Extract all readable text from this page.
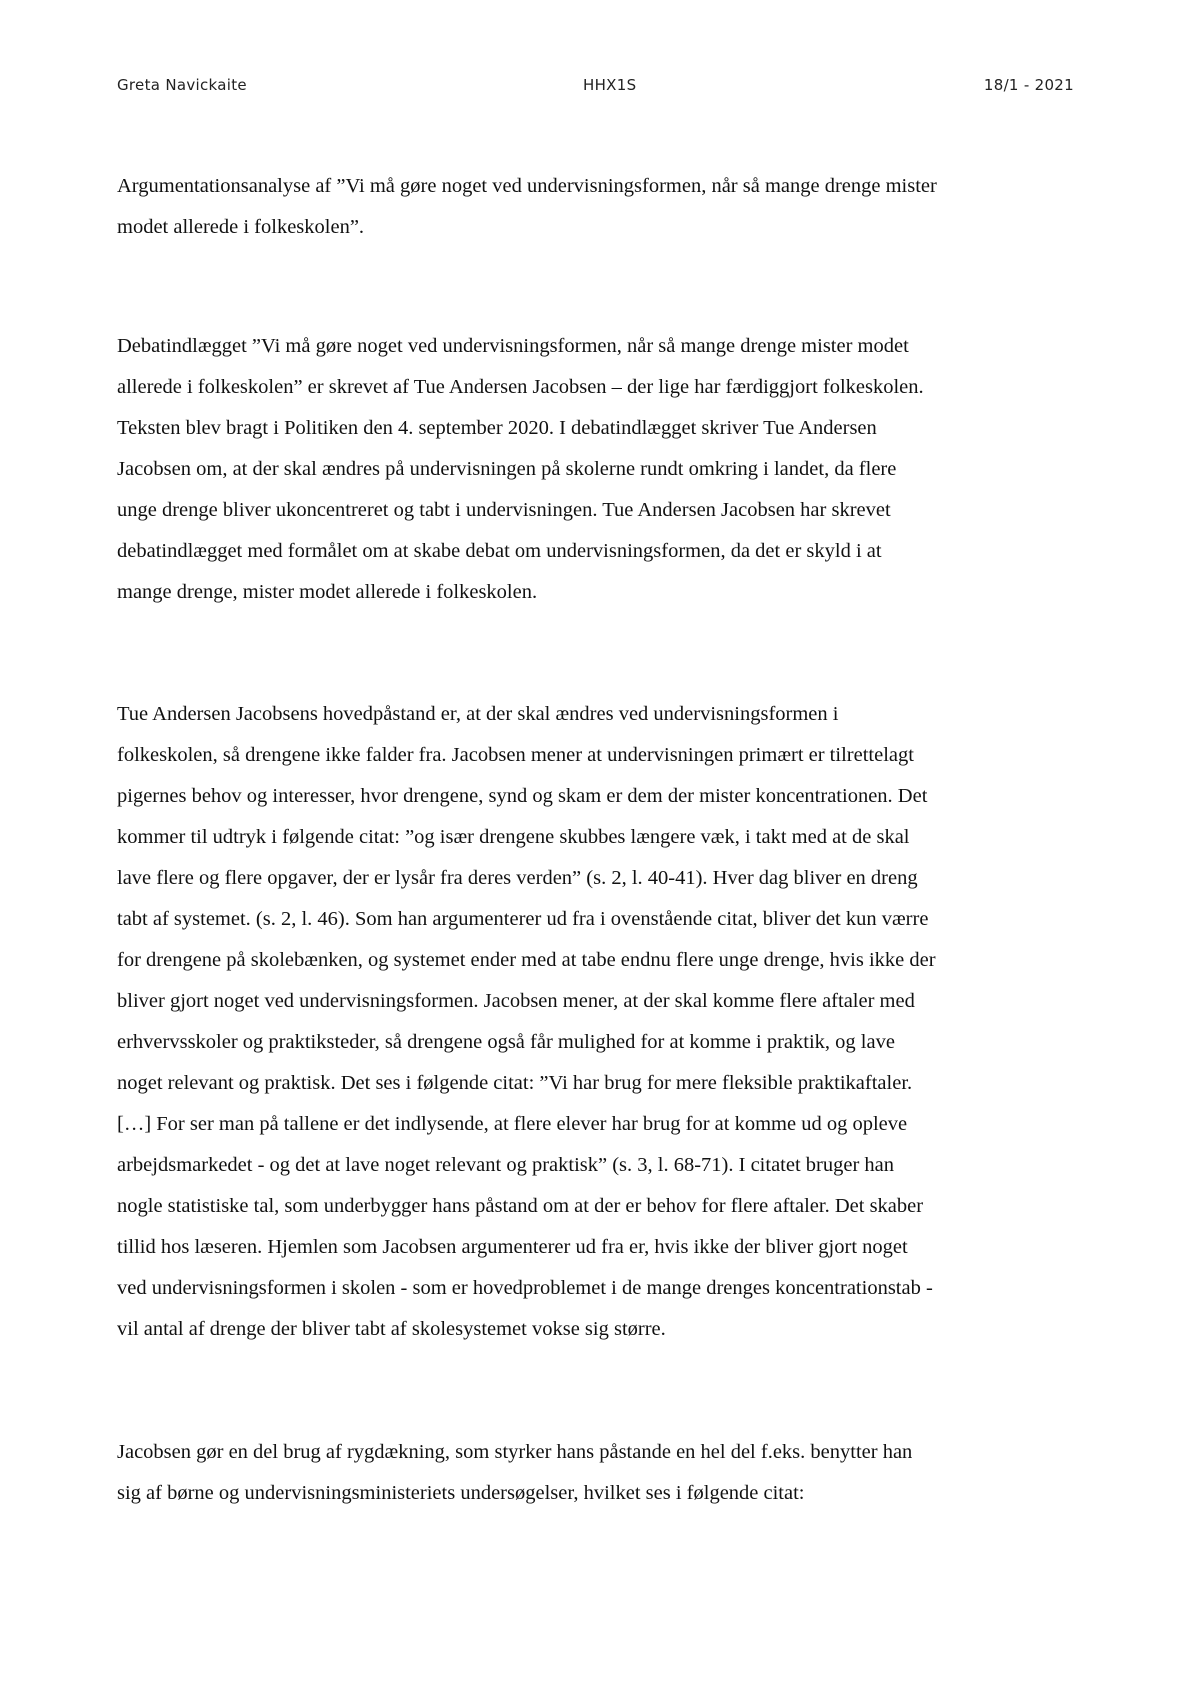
Greta Navickaite	HHX1S	18/1 - 2021

Argumentationsanalyse af ”Vi må gøre noget ved undervisningsformen, når så mange drenge mister
modet allerede i folkeskolen”.

Debatindlægget ”Vi må gøre noget ved undervisningsformen, når så mange drenge mister modet
allerede i folkeskolen” er skrevet af Tue Andersen Jacobsen – der lige har færdiggjort folkeskolen.
Teksten blev bragt i Politiken den 4. september 2020. I debatindlægget skriver Tue Andersen
Jacobsen om, at der skal ændres på undervisningen på skolerne rundt omkring i landet, da flere
unge drenge bliver ukoncentreret og tabt i undervisningen. Tue Andersen Jacobsen har skrevet
debatindlægget med formålet om at skabe debat om undervisningsformen, da det er skyld i at
mange drenge, mister modet allerede i folkeskolen.

Tue Andersen Jacobsens hovedpåstand er, at der skal ændres ved undervisningsformen i
folkeskolen, så drengene ikke falder fra. Jacobsen mener at undervisningen primært er tilrettelagt
pigernes behov og interesser, hvor drengene, synd og skam er dem der mister koncentrationen. Det
kommer til udtryk i følgende citat: ”og især drengene skubbes længere væk, i takt med at de skal
lave flere og flere opgaver, der er lysår fra deres verden” (s. 2, l. 40-41). Hver dag bliver en dreng
tabt af systemet. (s. 2, l. 46). Som han argumenterer ud fra i ovenstående citat, bliver det kun værre
for drengene på skolebænken, og systemet ender med at tabe endnu flere unge drenge, hvis ikke der
bliver gjort noget ved undervisningsformen. Jacobsen mener, at der skal komme flere aftaler med
erhvervsskoler og praktiksteder, så drengene også får mulighed for at komme i praktik, og lave
noget relevant og praktisk. Det ses i følgende citat: ”Vi har brug for mere fleksible praktikaftaler.
[…] For ser man på tallene er det indlysende, at flere elever har brug for at komme ud og opleve
arbejdsmarkedet - og det at lave noget relevant og praktisk” (s. 3, l. 68-71). I citatet bruger han
nogle statistiske tal, som underbygger hans påstand om at der er behov for flere aftaler. Det skaber
tillid hos læseren. Hjemlen som Jacobsen argumenterer ud fra er, hvis ikke der bliver gjort noget
ved undervisningsformen i skolen - som er hovedproblemet i de mange drenges koncentrationstab -
vil antal af drenge der bliver tabt af skolesystemet vokse sig større.

Jacobsen gør en del brug af rygdækning, som styrker hans påstande en hel del f.eks. benytter han
sig af børne og undervisningsministeriets undersøgelser, hvilket ses i følgende citat:
